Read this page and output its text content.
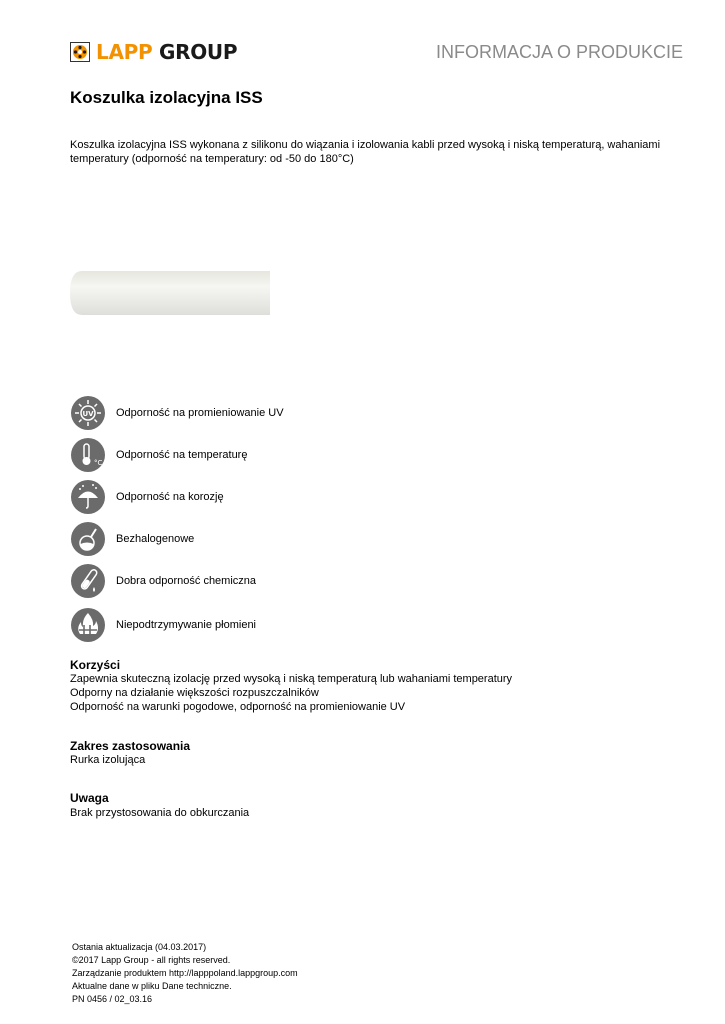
LAPP GROUP	INFORMACJA O PRODUKCIE
Koszulka izolacyjna ISS
Koszulka izolacyjna ISS wykonana z silikonu do wiązania i izolowania kabli przed wysoką i niską temperaturą, wahaniami temperatury (odporność na temperatury: od -50 do 180°C)
UV Odporność na promieniowanie UV
°C
Odporność na temperaturę
Odporność na korozję
Bezhalogenowe
Dobra odporność chemiczna
Niepodtrzymywanie płomieni
Korzyści
Zapewnia skuteczną izolację przed wysoką i niską temperaturą lub wahaniami temperatury
Odporny na działanie większości rozpuszczalników
Odporność na warunki pogodowe, odporność na promieniowanie UV
Zakres zastosowania
Rurka izolująca
Uwaga
Brak przystosowania do obkurczania
Ostania aktualizacja (04.03.2017)
©2017 Lapp Group - all rights reserved.
Zarządzanie produktem http://lapppoland.lappgroup.com
Aktualne dane w pliku Dane techniczne.
PN 0456 / 02_03.16
